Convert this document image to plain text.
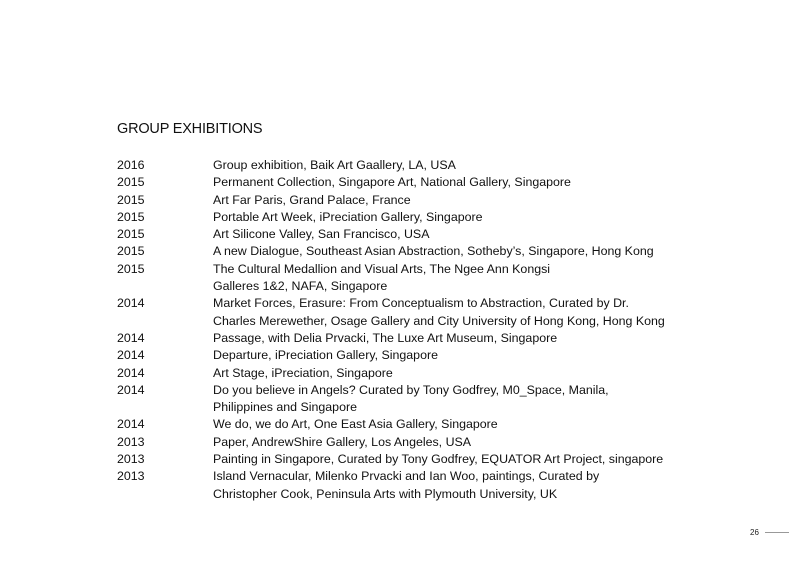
GROUP EXHIBITIONS
2016	Group exhibition, Baik Art Gaallery, LA, USA
2015	Permanent Collection, Singapore Art, National Gallery, Singapore
2015	Art Far Paris, Grand Palace, France
2015	Portable Art Week, iPreciation Gallery, Singapore
2015	Art Silicone Valley, San Francisco, USA
2015	A new Dialogue, Southeast Asian Abstraction, Sotheby’s, Singapore, Hong Kong
2015	The Cultural Medallion and Visual Arts, The Ngee Ann Kongsi
Galleres 1&2, NAFA, Singapore
2014	Market Forces, Erasure: From Conceptualism to Abstraction, Curated by Dr.
Charles Merewether, Osage Gallery and City University of Hong Kong, Hong Kong
2014	Passage, with Delia Prvacki, The Luxe Art Museum, Singapore
2014	Departure, iPreciation Gallery, Singapore
2014	Art Stage, iPreciation, Singapore
2014	Do you believe in Angels? Curated by Tony Godfrey, M0_Space, Manila,
Philippines and Singapore
2014	We do, we do Art, One East Asia Gallery, Singapore
2013	Paper, AndrewShire Gallery, Los Angeles, USA
2013	Painting in Singapore, Curated by Tony Godfrey, EQUATOR Art Project, singapore
2013	Island Vernacular, Milenko Prvacki and Ian Woo, paintings, Curated by
Christopher Cook, Peninsula Arts with Plymouth University, UK
26
